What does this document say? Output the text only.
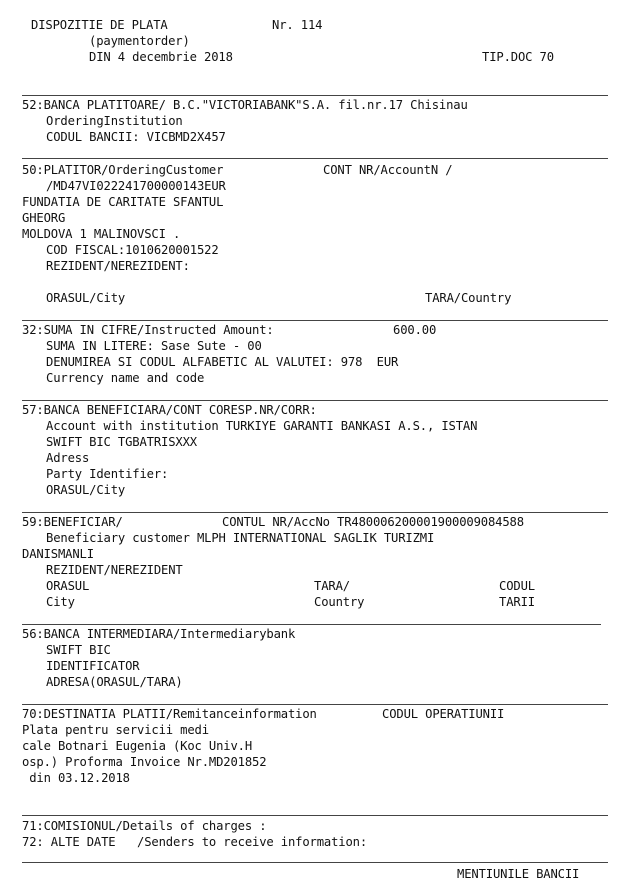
DISPOZITIE DE PLATA	Nr. 114
(paymentorder)
DIN 4 decembrie 2018	TIP.DOC 70
52:BANCA PLATITOARE/ B.C."VICTORIABANK"S.A. fil.nr.17 Chisinau
OrderingInstitution
CODUL BANCII: VICBMD2X457
50:PLATITOR/OrderingCustomer	CONT NR/AccountN /
/MD47VI022241700000143EUR
FUNDATIA DE CARITATE SFANTUL
GHEORG
MOLDOVA 1 MALINOVSCI .
COD FISCAL:1010620001522
REZIDENT/NEREZIDENT:
ORASUL/City	TARA/Country
32:SUMA IN CIFRE/Instructed Amount:	600.00
SUMA IN LITERE: Sase Sute - 00
DENUMIREA SI CODUL ALFABETIC AL VALUTEI: 978  EUR
Currency name and code
57:BANCA BENEFICIARA/CONT CORESP.NR/CORR:
Account with institution TURKIYE GARANTI BANKASI A.S., ISTAN
SWIFT BIC TGBATRISXXX
Adress
Party Identifier:
ORASUL/City
59:BENEFICIAR/	CONTUL NR/AccNo TR480006200001900009084588
Beneficiary customer MLPH INTERNATIONAL SAGLIK TURIZMI
DANISMANLI
REZIDENT/NEREZIDENT
ORASUL	TARA/	CODUL
City	Country	TARII
56:BANCA INTERMEDIARA/Intermediarybank
SWIFT BIC
IDENTIFICATOR
ADRESA(ORASUL/TARA)
70:DESTINATIA PLATII/Remitanceinformation	CODUL OPERATIUNII
Plata pentru servicii medi
cale Botnari Eugenia (Koc Univ.H
osp.) Proforma Invoice Nr.MD201852
din 03.12.2018
71:COMISIONUL/Details of charges :
72: ALTE DATE   /Senders to receive information:
MENTIUNILE BANCII
